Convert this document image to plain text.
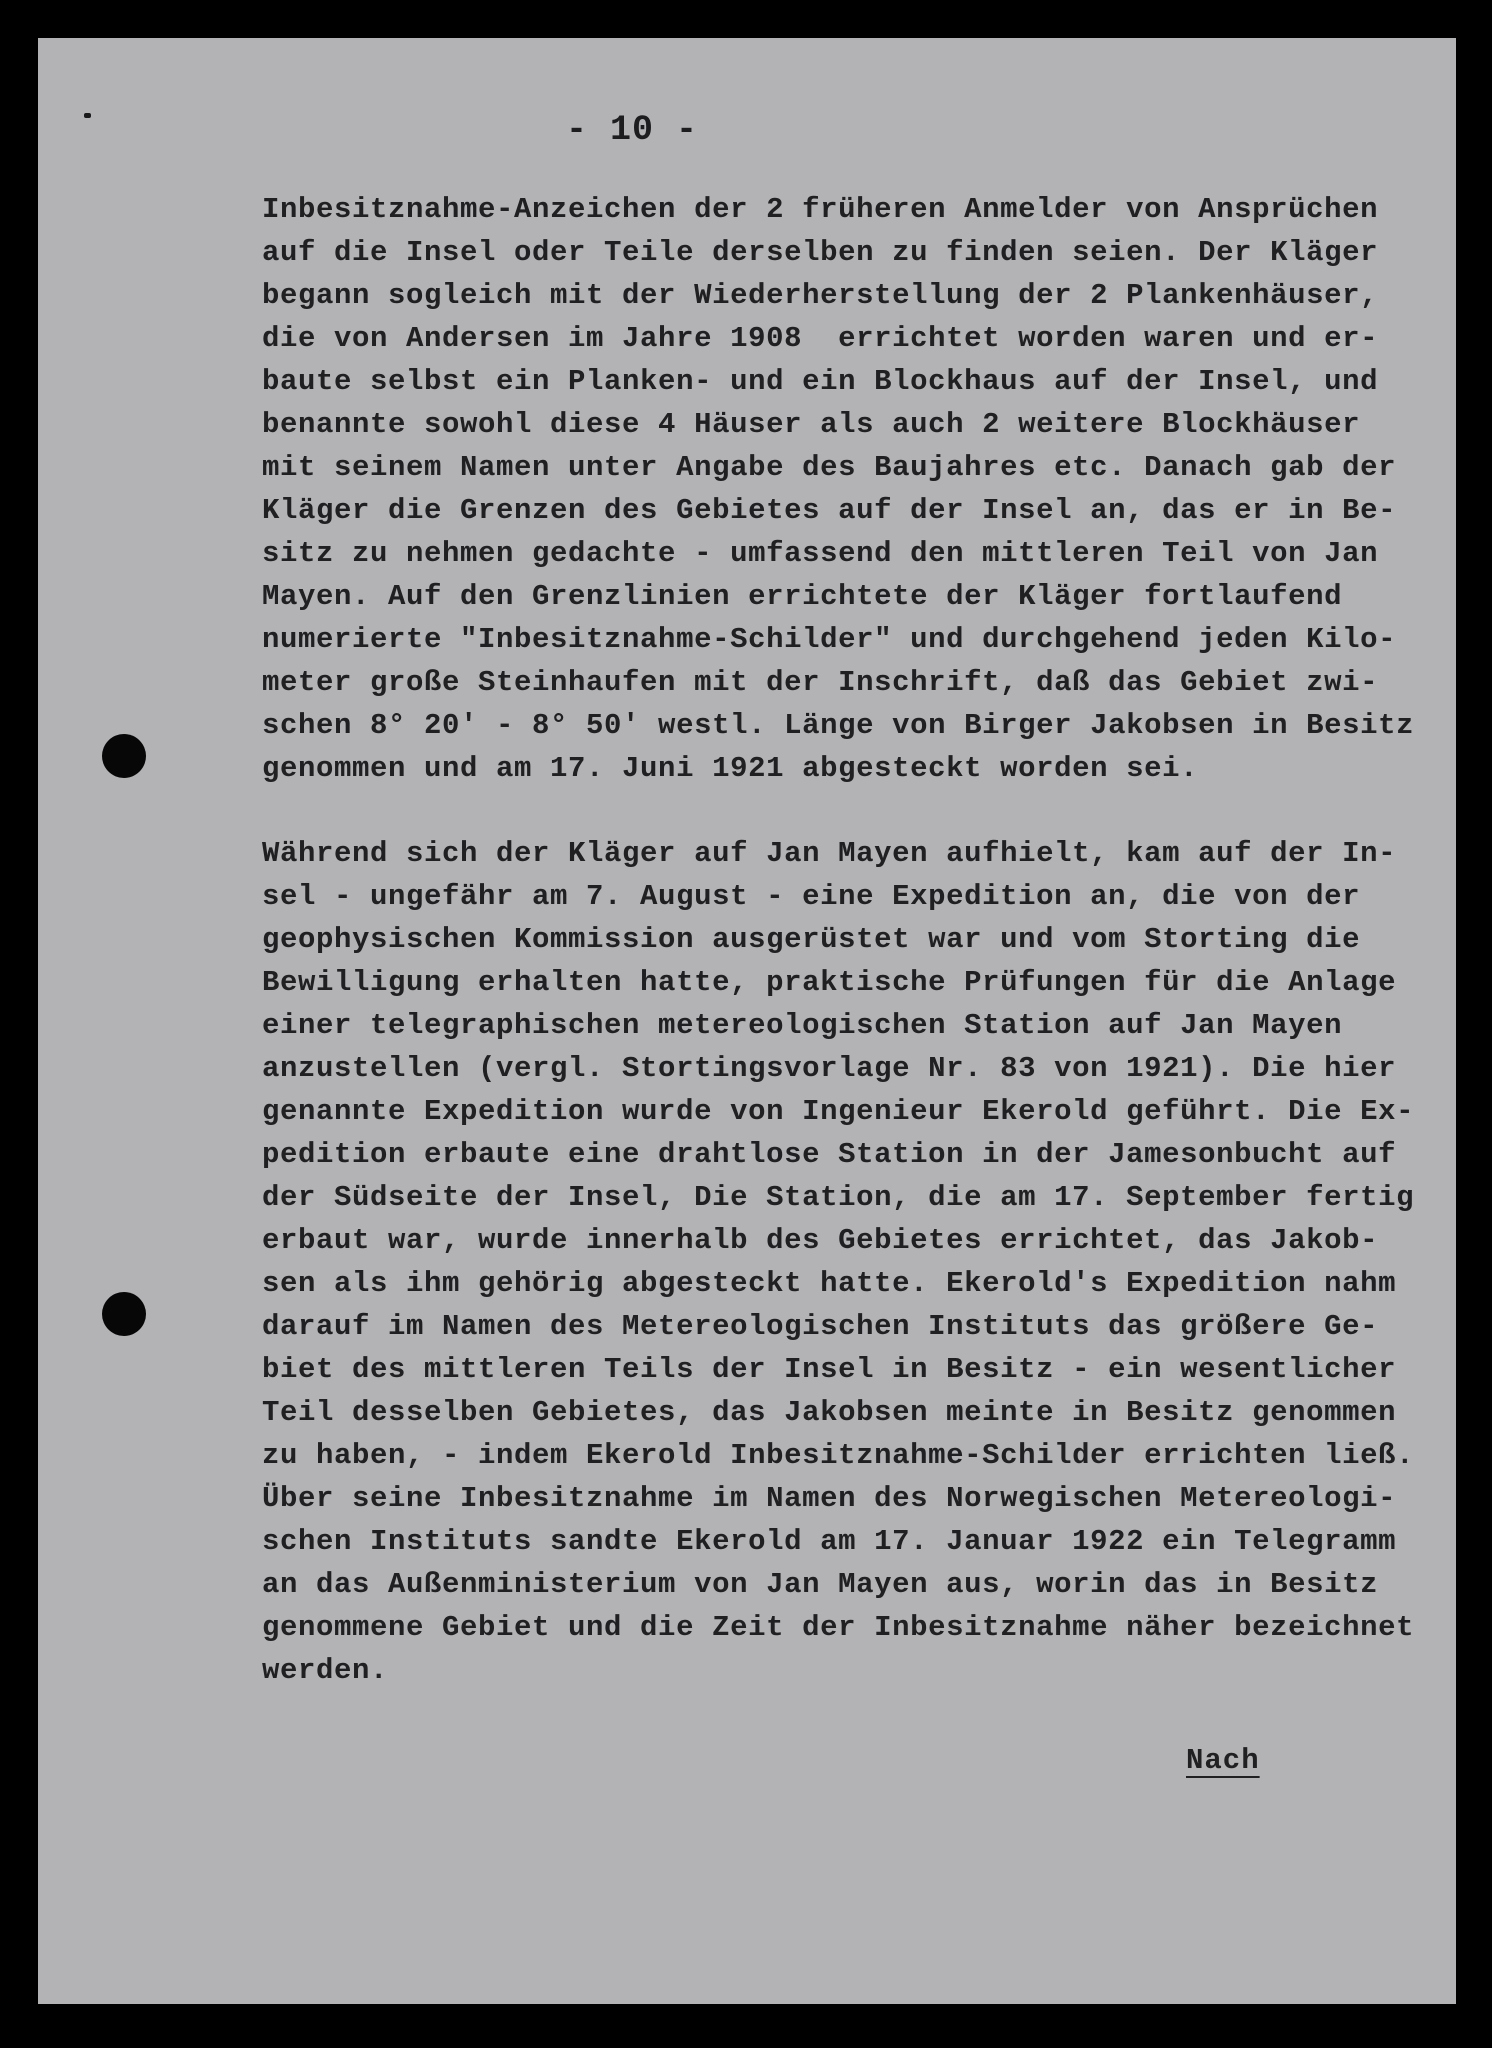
- 10 -
Inbesitznahme-Anzeichen der 2 früheren Anmelder von Ansprüchen
auf die Insel oder Teile derselben zu finden seien. Der Kläger
begann sogleich mit der Wiederherstellung der 2 Plankenhäuser,
die von Andersen im Jahre 1908  errichtet worden waren und er-
baute selbst ein Planken- und ein Blockhaus auf der Insel, und
benannte sowohl diese 4 Häuser als auch 2 weitere Blockhäuser
mit seinem Namen unter Angabe des Baujahres etc. Danach gab der
Kläger die Grenzen des Gebietes auf der Insel an, das er in Be-
sitz zu nehmen gedachte - umfassend den mittleren Teil von Jan
Mayen. Auf den Grenzlinien errichtete der Kläger fortlaufend
numerierte "Inbesitznahme-Schilder" und durchgehend jeden Kilo-
meter große Steinhaufen mit der Inschrift, daß das Gebiet zwi-
schen 8° 20' - 8° 50' westl. Länge von Birger Jakobsen in Besitz
genommen und am 17. Juni 1921 abgesteckt worden sei.
Während sich der Kläger auf Jan Mayen aufhielt, kam auf der In-
sel - ungefähr am 7. August - eine Expedition an, die von der
geophysischen Kommission ausgerüstet war und vom Storting die
Bewilligung erhalten hatte, praktische Prüfungen für die Anlage
einer telegraphischen metereologischen Station auf Jan Mayen
anzustellen (vergl. Stortingsvorlage Nr. 83 von 1921). Die hier
genannte Expedition wurde von Ingenieur Ekerold geführt. Die Ex-
pedition erbaute eine drahtlose Station in der Jamesonbucht auf
der Südseite der Insel, Die Station, die am 17. September fertig
erbaut war, wurde innerhalb des Gebietes errichtet, das Jakob-
sen als ihm gehörig abgesteckt hatte. Ekerold's Expedition nahm
darauf im Namen des Metereologischen Instituts das größere Ge-
biet des mittleren Teils der Insel in Besitz - ein wesentlicher
Teil desselben Gebietes, das Jakobsen meinte in Besitz genommen
zu haben, - indem Ekerold Inbesitznahme-Schilder errichten ließ.
Über seine Inbesitznahme im Namen des Norwegischen Metereologi-
schen Instituts sandte Ekerold am 17. Januar 1922 ein Telegramm
an das Außenministerium von Jan Mayen aus, worin das in Besitz
genommene Gebiet und die Zeit der Inbesitznahme näher bezeichnet
werden.
Nach
